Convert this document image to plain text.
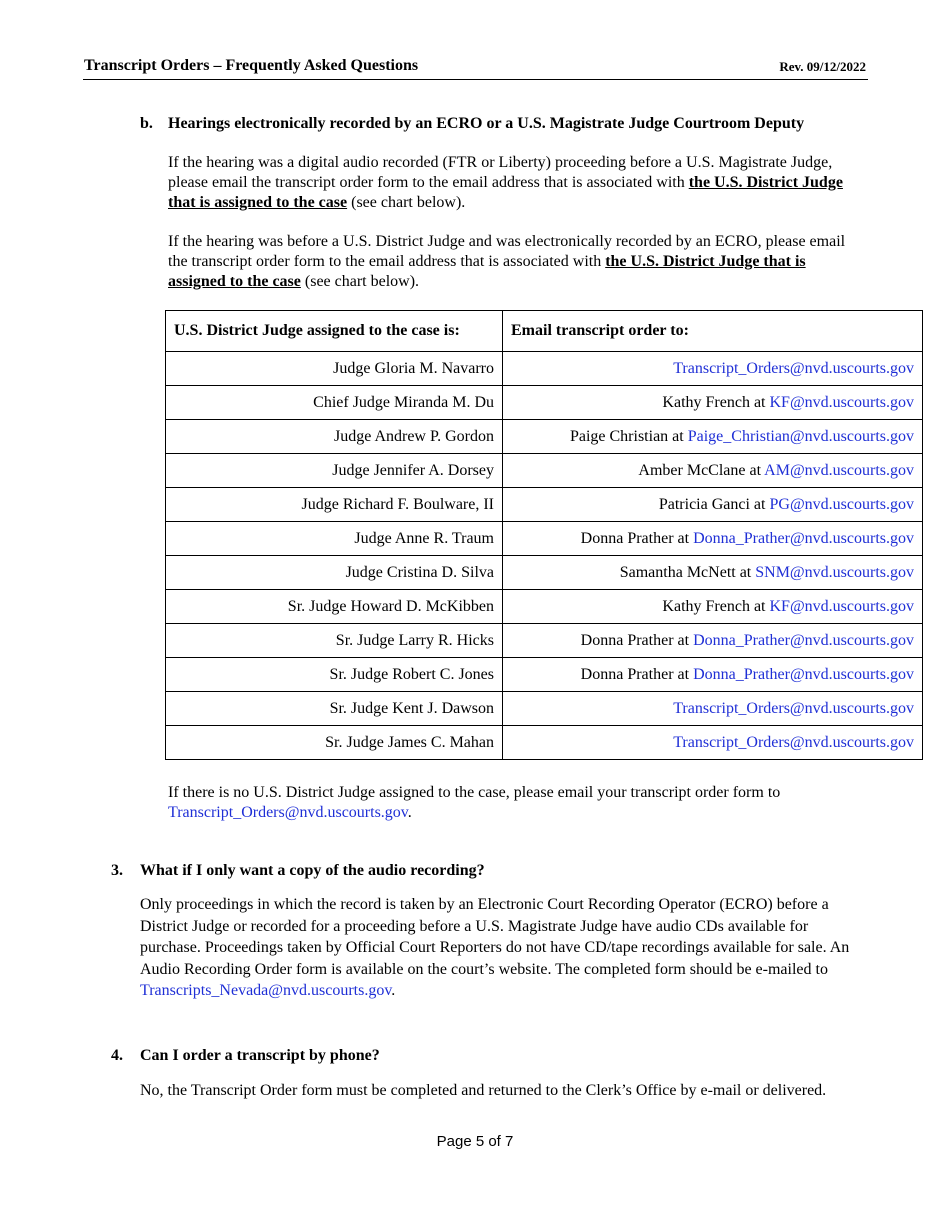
Transcript Orders – Frequently Asked Questions	Rev. 09/12/2022
b. Hearings electronically recorded by an ECRO or a U.S. Magistrate Judge Courtroom Deputy
If the hearing was a digital audio recorded (FTR or Liberty) proceeding before a U.S. Magistrate Judge, please email the transcript order form to the email address that is associated with the U.S. District Judge that is assigned to the case (see chart below).
If the hearing was before a U.S. District Judge and was electronically recorded by an ECRO, please email the transcript order form to the email address that is associated with the U.S. District Judge that is assigned to the case (see chart below).
U.S. District Judge assigned to the case is:	Email transcript order to:
Judge Gloria M. Navarro	Transcript_Orders@nvd.uscourts.gov
Chief Judge Miranda M. Du	Kathy French at KF@nvd.uscourts.gov
Judge Andrew P. Gordon	Paige Christian at Paige_Christian@nvd.uscourts.gov
Judge Jennifer A. Dorsey	Amber McClane at AM@nvd.uscourts.gov
Judge Richard F. Boulware, II	Patricia Ganci at PG@nvd.uscourts.gov
Judge Anne R. Traum	Donna Prather at Donna_Prather@nvd.uscourts.gov
Judge Cristina D. Silva	Samantha McNett at SNM@nvd.uscourts.gov
Sr. Judge Howard D. McKibben	Kathy French at KF@nvd.uscourts.gov
Sr. Judge Larry R. Hicks	Donna Prather at Donna_Prather@nvd.uscourts.gov
Sr. Judge Robert C. Jones	Donna Prather at Donna_Prather@nvd.uscourts.gov
Sr. Judge Kent J. Dawson	Transcript_Orders@nvd.uscourts.gov
Sr. Judge James C. Mahan	Transcript_Orders@nvd.uscourts.gov
If there is no U.S. District Judge assigned to the case, please email your transcript order form to Transcript_Orders@nvd.uscourts.gov.
3. What if I only want a copy of the audio recording?
Only proceedings in which the record is taken by an Electronic Court Recording Operator (ECRO) before a District Judge or recorded for a proceeding before a U.S. Magistrate Judge have audio CDs available for purchase. Proceedings taken by Official Court Reporters do not have CD/tape recordings available for sale. An Audio Recording Order form is available on the court’s website. The completed form should be e-mailed to Transcripts_Nevada@nvd.uscourts.gov.
4. Can I order a transcript by phone?
No, the Transcript Order form must be completed and returned to the Clerk’s Office by e-mail or delivered.
Page 5 of 7
